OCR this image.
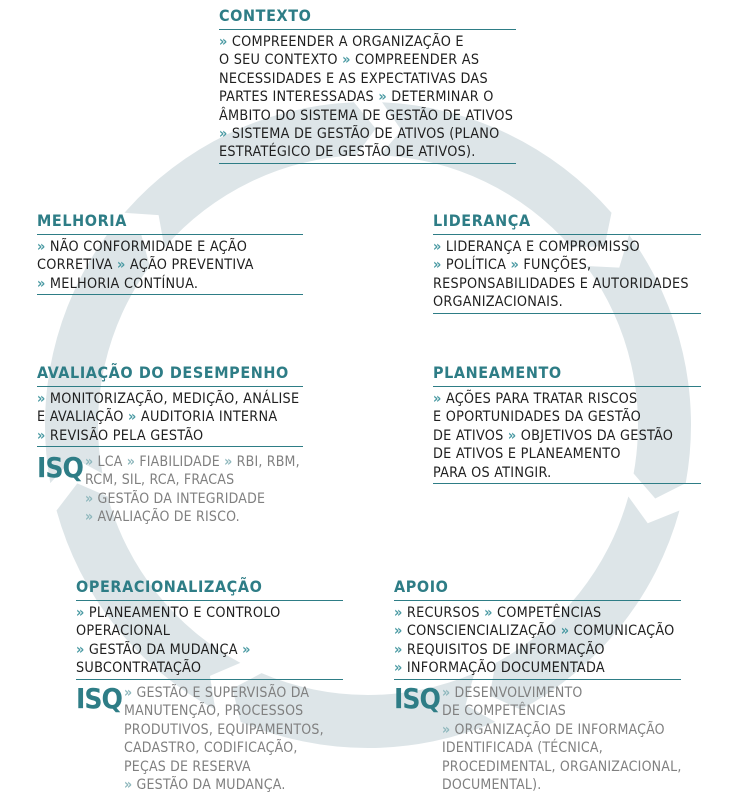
CONTEXTO
» COMPREENDER A ORGANIZAÇÃO E
O SEU CONTEXTO » COMPREENDER AS
NECESSIDADES E AS EXPECTATIVAS DAS
PARTES INTERESSADAS » DETERMINAR O
ÂMBITO DO SISTEMA DE GESTÃO DE ATIVOS
» SISTEMA DE GESTÃO DE ATIVOS (PLANO
ESTRATÉGICO DE GESTÃO DE ATIVOS).
MELHORIA
» NÃO CONFORMIDADE E AÇÃO
CORRETIVA » AÇÃO PREVENTIVA
» MELHORIA CONTÍNUA.
LIDERANÇA
» LIDERANÇA E COMPROMISSO
» POLÍTICA » FUNÇÕES,
RESPONSABILIDADES E AUTORIDADES
ORGANIZACIONAIS.
AVALIAÇÃO DO DESEMPENHO
» MONITORIZAÇÃO, MEDIÇÃO, ANÁLISE
E AVALIAÇÃO » AUDITORIA INTERNA
» REVISÃO PELA GESTÃO
ISQ » LCA » FIABILIDADE » RBI, RBM,
RCM, SIL, RCA, FRACAS
» GESTÃO DA INTEGRIDADE
» AVALIAÇÃO DE RISCO.
PLANEAMENTO
» AÇÕES PARA TRATAR RISCOS
E OPORTUNIDADES DA GESTÃO
DE ATIVOS » OBJETIVOS DA GESTÃO
DE ATIVOS E PLANEAMENTO
PARA OS ATINGIR.
OPERACIONALIZAÇÃO
» PLANEAMENTO E CONTROLO
OPERACIONAL
» GESTÃO DA MUDANÇA »
SUBCONTRATAÇÃO
ISQ » GESTÃO E SUPERVISÃO DA
MANUTENÇÃO, PROCESSOS
PRODUTIVOS, EQUIPAMENTOS,
CADASTRO, CODIFICAÇÃO,
PEÇAS DE RESERVA
» GESTÃO DA MUDANÇA.
APOIO
» RECURSOS » COMPETÊNCIAS
» CONSCIENCIALIZAÇÃO » COMUNICAÇÃO
» REQUISITOS DE INFORMAÇÃO
» INFORMAÇÃO DOCUMENTADA
ISQ » DESENVOLVIMENTO
DE COMPETÊNCIAS
» ORGANIZAÇÃO DE INFORMAÇÃO
IDENTIFICADA (TÉCNICA,
PROCEDIMENTAL, ORGANIZACIONAL,
DOCUMENTAL).
